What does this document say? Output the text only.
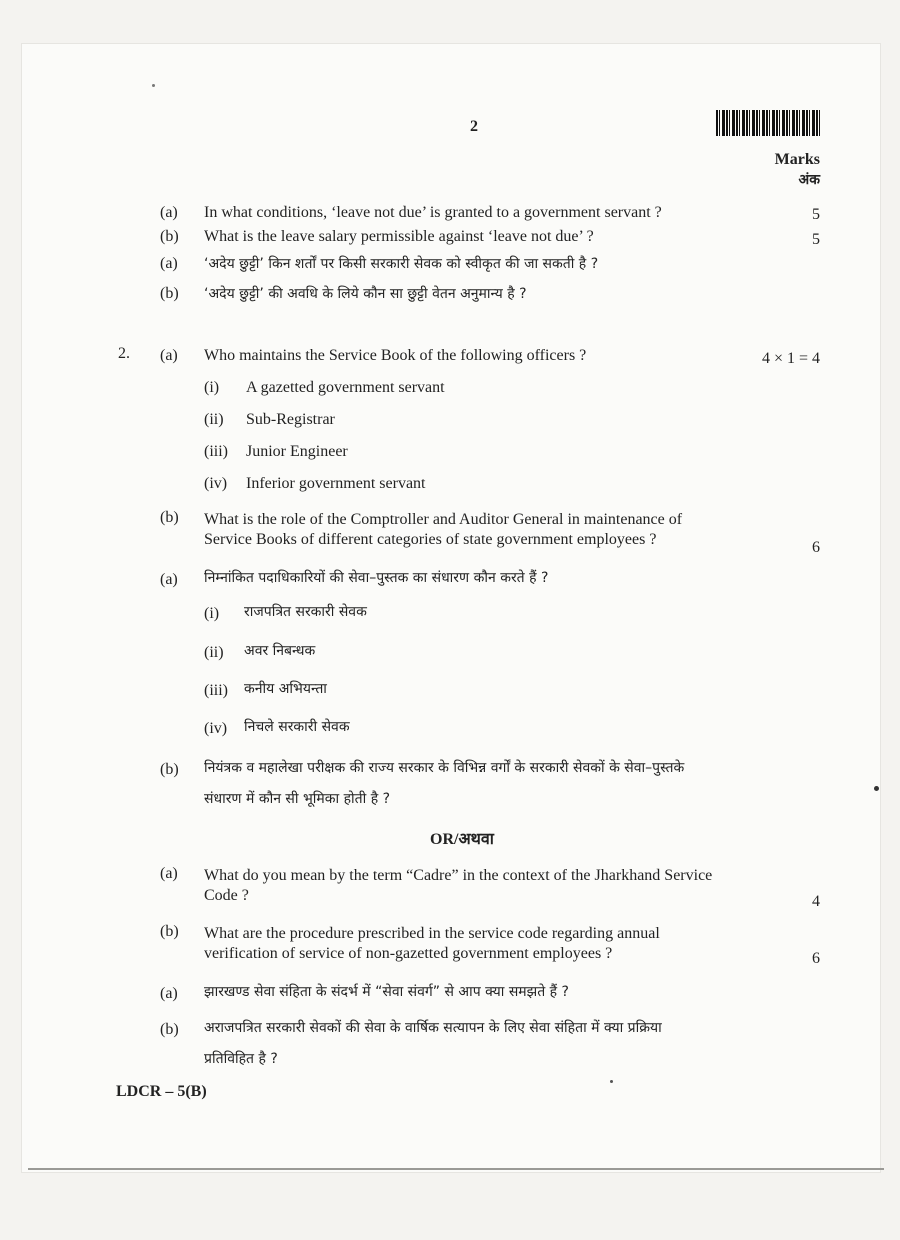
2
Marks
अंक
(a) In what conditions, ‘leave not due’ is granted to a government servant ?	5
(b) What is the leave salary permissible against ‘leave not due’ ?	5
(a) ‘अदेय छुट्टी’ किन शर्तों पर किसी सरकारी सेवक को स्वीकृत की जा सकती है ?
(b) ‘अदेय छुट्टी’ की अवधि के लिये कौन सा छुट्टी वेतन अनुमान्य है ?
2. (a) Who maintains the Service Book of the following officers ?	4 × 1 = 4
(i) A gazetted government servant
(ii) Sub-Registrar
(iii) Junior Engineer
(iv) Inferior government servant
(b) What is the role of the Comptroller and Auditor General in maintenance of
Service Books of different categories of state government employees ?	6
(a) निम्नांकित पदाधिकारियों की सेवा–पुस्तक का संधारण कौन करते हैं ?
(i) राजपत्रित सरकारी सेवक
(ii) अवर निबन्धक
(iii) कनीय अभियन्ता
(iv) निचले सरकारी सेवक
(b) नियंत्रक व महालेखा परीक्षक की राज्य सरकार के विभिन्न वर्गों के सरकारी सेवकों के सेवा–पुस्तके
संधारण में कौन सी भूमिका होती है ?
OR/अथवा
(a) What do you mean by the term “Cadre” in the context of the Jharkhand Service
Code ?	4
(b) What are the procedure prescribed in the service code regarding annual
verification of service of non-gazetted government employees ?	6
(a) झारखण्ड सेवा संहिता के संदर्भ में “सेवा संवर्ग” से आप क्या समझते हैं ?
(b) अराजपत्रित सरकारी सेवकों की सेवा के वार्षिक सत्यापन के लिए सेवा संहिता में क्या प्रक्रिया
प्रतिविहित है ?
LDCR – 5(B)
